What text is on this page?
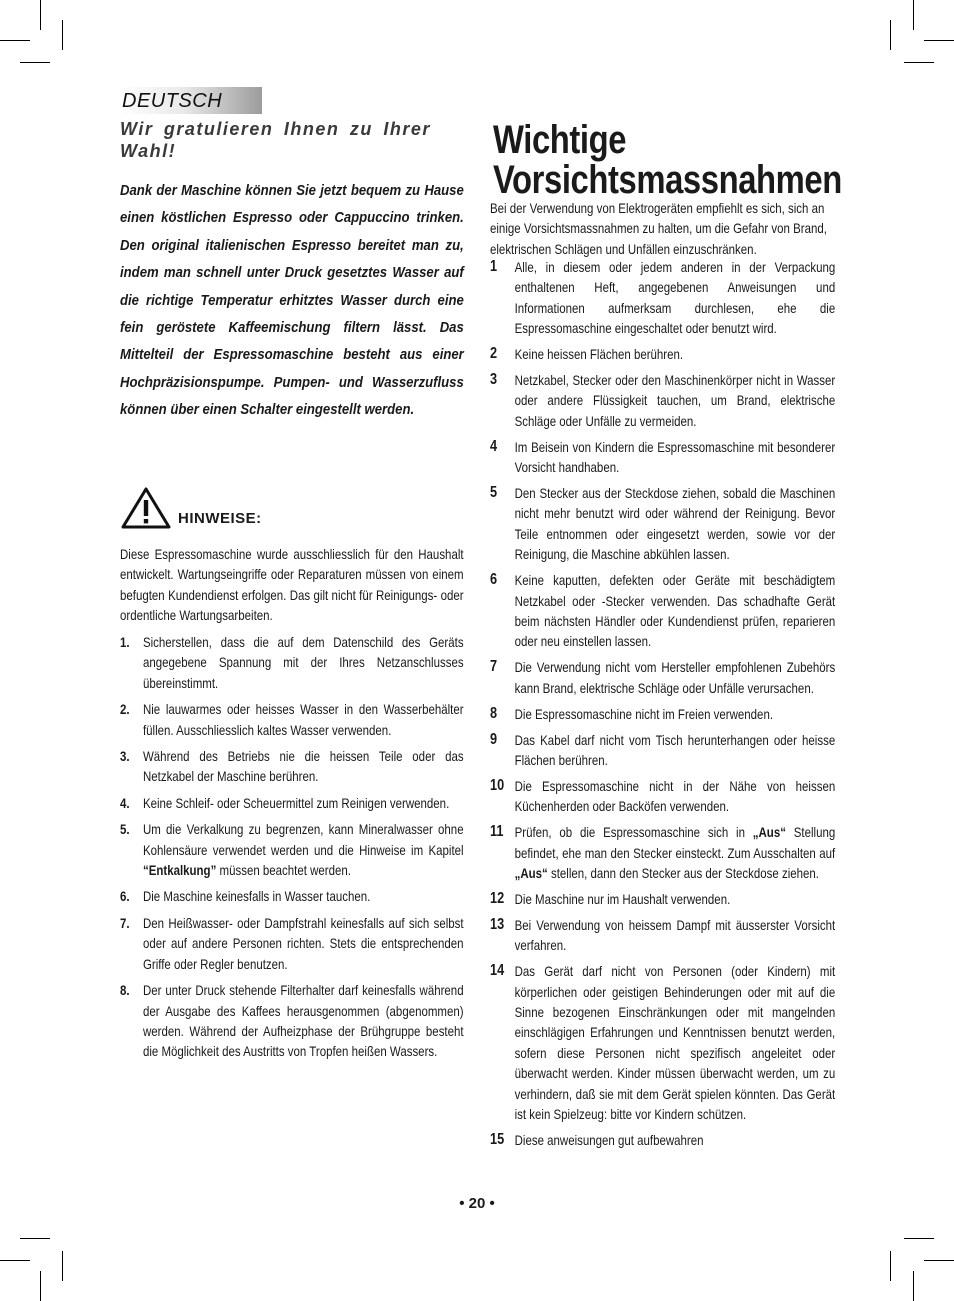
DEUTSCH
Wir gratulieren Ihnen zu Ihrer Wahl!
Dank der Maschine können Sie jetzt bequem zu Hause einen köstlichen Espresso oder Cappuccino trinken. Den original italienischen Espresso bereitet man zu, indem man schnell unter Druck gesetztes Wasser auf die richtige Temperatur erhitztes Wasser durch eine fein geröstete Kaffeemischung filtern lässt. Das Mittelteil der Espressomaschine besteht aus einer Hochpräzisionspumpe. Pumpen- und Wasserzufluss können über einen Schalter eingestellt werden.
HINWEISE:
Diese Espressomaschine wurde ausschliesslich für den Haushalt entwickelt. Wartungseingriffe oder Reparaturen müssen von einem befugten Kundendienst erfolgen. Das gilt nicht für Reinigungs- oder ordentliche Wartungsarbeiten.
1. Sicherstellen, dass die auf dem Datenschild des Geräts angegebene Spannung mit der Ihres Netzanschlusses übereinstimmt.
2. Nie lauwarmes oder heisses Wasser in den Wasserbehälter füllen. Ausschliesslich kaltes Wasser verwenden.
3. Während des Betriebs nie die heissen Teile oder das Netzkabel der Maschine berühren.
4. Keine Schleif- oder Scheuermittel zum Reinigen verwenden.
5. Um die Verkalkung zu begrenzen, kann Mineralwasser ohne Kohlensäure verwendet werden und die Hinweise im Kapitel “Entkalkung” müssen beachtet werden.
6. Die Maschine keinesfalls in Wasser tauchen.
7. Den Heißwasser- oder Dampfstrahl keinesfalls auf sich selbst oder auf andere Personen richten. Stets die entsprechenden Griffe oder Regler benutzen.
8. Der unter Druck stehende Filterhalter darf keinesfalls während der Ausgabe des Kaffees herausgenommen (abgenommen) werden. Während der Aufheizphase der Brühgruppe besteht die Möglichkeit des Austritts von Tropfen heißen Wassers.
Wichtige Vorsichtsmassnahmen
Bei der Verwendung von Elektrogeräten empfiehlt es sich, sich an einige Vorsichtsmassnahmen zu halten, um die Gefahr von Brand, elektrischen Schlägen und Unfällen einzuschränken.
1	Alle, in diesem oder jedem anderen in der Verpackung enthaltenen Heft, angegebenen Anweisungen und Informationen aufmerksam durchlesen, ehe die Espressomaschine eingeschaltet oder benutzt wird.
2	Keine heissen Flächen berühren.
3	Netzkabel, Stecker oder den Maschinenkörper nicht in Wasser oder andere Flüssigkeit tauchen, um Brand, elektrische Schläge oder Unfälle zu vermeiden.
4	Im Beisein von Kindern die Espressomaschine mit besonderer Vorsicht handhaben.
5	Den Stecker aus der Steckdose ziehen, sobald die Maschinen nicht mehr benutzt wird oder während der Reinigung. Bevor Teile entnommen oder eingesetzt werden, sowie vor der Reinigung, die Maschine abkühlen lassen.
6	Keine kaputten, defekten oder Geräte mit beschädigtem Netzkabel oder -Stecker verwenden. Das schadhafte Gerät beim nächsten Händler oder Kundendienst prüfen, reparieren oder neu einstellen lassen.
7	Die Verwendung nicht vom Hersteller empfohlenen Zubehörs kann Brand, elektrische Schläge oder Unfälle verursachen.
8	Die Espressomaschine nicht im Freien verwenden.
9	Das Kabel darf nicht vom Tisch herunterhangen oder heisse Flächen berühren.
10 Die Espressomaschine nicht in der Nähe von heissen Küchenherden oder Backöfen verwenden.
11 Prüfen, ob die Espressomaschine sich in „Aus“ Stellung befindet, ehe man den Stecker einsteckt. Zum Ausschalten auf „Aus“ stellen, dann den Stecker aus der Steckdose ziehen.
12 Die Maschine nur im Haushalt verwenden.
13 Bei Verwendung von heissem Dampf mit äusserster Vorsicht verfahren.
14 Das Gerät darf nicht von Personen (oder Kindern) mit körperlichen oder geistigen Behinderungen oder mit auf die Sinne bezogenen Einschränkungen oder mit mangelnden einschlägigen Erfahrungen und Kenntnissen benutzt werden, sofern diese Personen nicht spezifisch angeleitet oder überwacht werden. Kinder müssen überwacht werden, um zu verhindern, daß sie mit dem Gerät spielen könnten. Das Gerät ist kein Spielzeug: bitte vor Kindern schützen.
15 Diese anweisungen gut aufbewahren
• 20 •
